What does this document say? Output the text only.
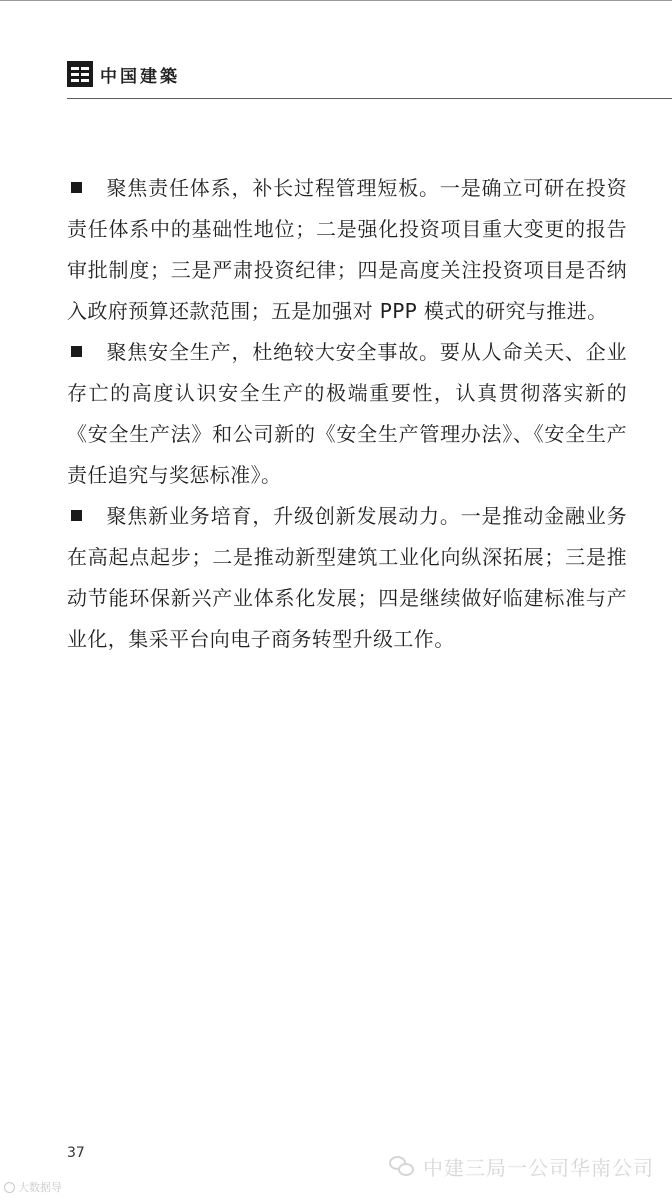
中国建築

聚焦责任体系，补长过程管理短板。一是确立可研在投资责任体系中的基础性地位；二是强化投资项目重大变更的报告审批制度；三是严肃投资纪律；四是高度关注投资项目是否纳入政府预算还款范围；五是加强对 PPP 模式的研究与推进。

聚焦安全生产，杜绝较大安全事故。要从人命关天、企业存亡的高度认识安全生产的极端重要性，认真贯彻落实新的《安全生产法》和公司新的《安全生产管理办法》、《安全生产责任追究与奖惩标准》。

聚焦新业务培育，升级创新发展动力。一是推动金融业务在高起点起步；二是推动新型建筑工业化向纵深拓展；三是推动节能环保新兴产业体系化发展；四是继续做好临建标准与产业化，集采平台向电子商务转型升级工作。

37
中建三局一公司华南公司
大数据导
